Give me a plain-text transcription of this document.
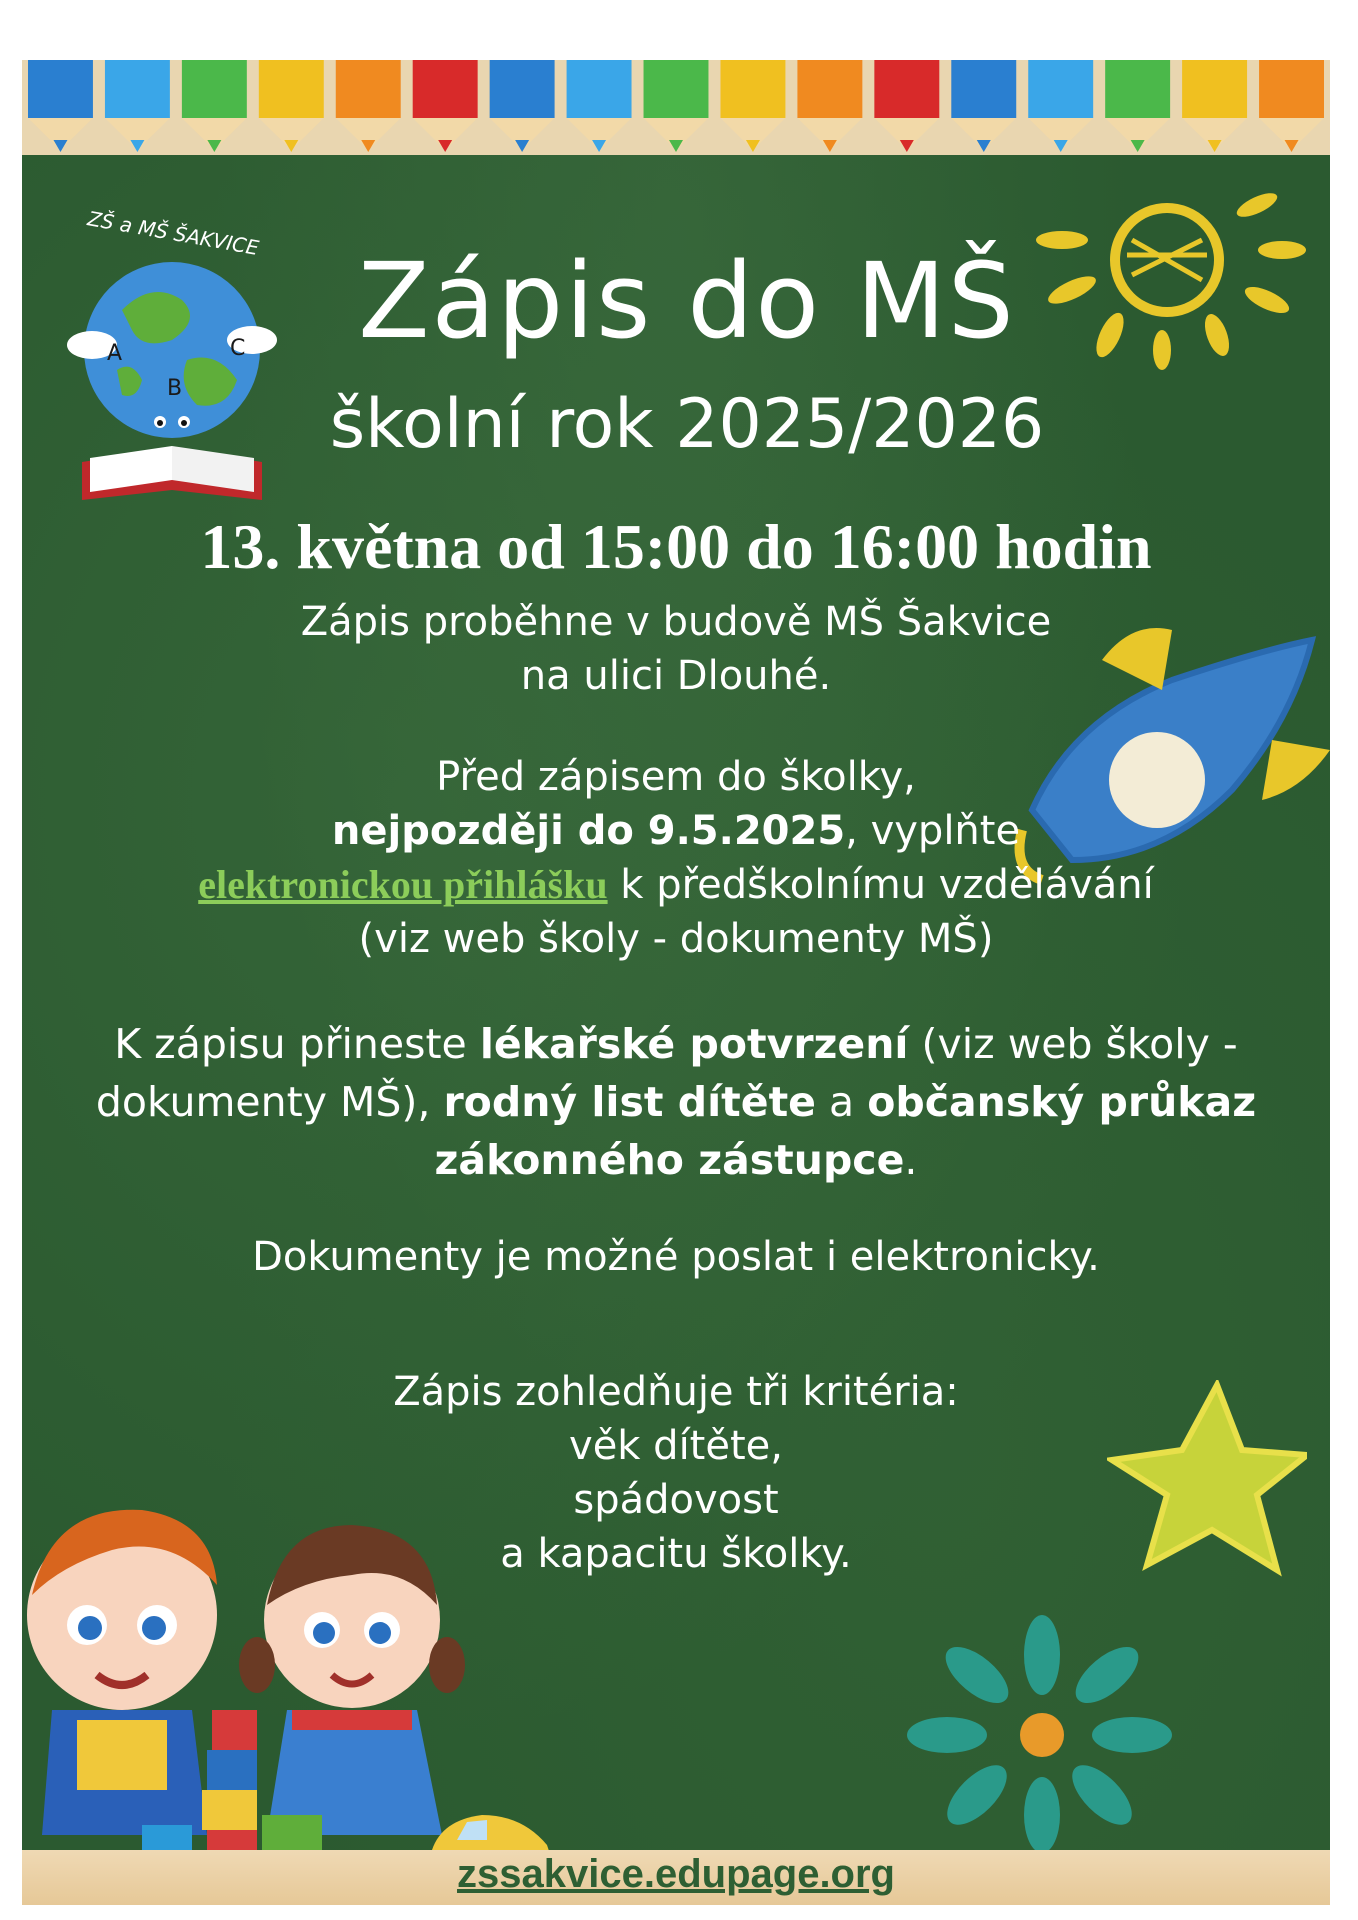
ZŠ a MŠ ŠAKVICE
A
B
C	Zápis do MŠ
školní rok 2025/2026
13. května od 15:00 do 16:00 hodin
Zápis proběhne v budově MŠ Šakvice
na ulici Dlouhé.
Před zápisem do školky,
nejpozději do 9.5.2025, vyplňte
elektronickou přihlášku k předškolnímu vzdělávání
(viz web školy - dokumenty MŠ)
K zápisu přineste lékařské potvrzení (viz web školy - dokumenty MŠ), rodný list dítěte a občanský průkaz zákonného zástupce.
Dokumenty je možné poslat i elektronicky.
Zápis zohledňuje tři kritéria:
věk dítěte,
spádovost
a kapacitu školky.
zssakvice.edupage.org
